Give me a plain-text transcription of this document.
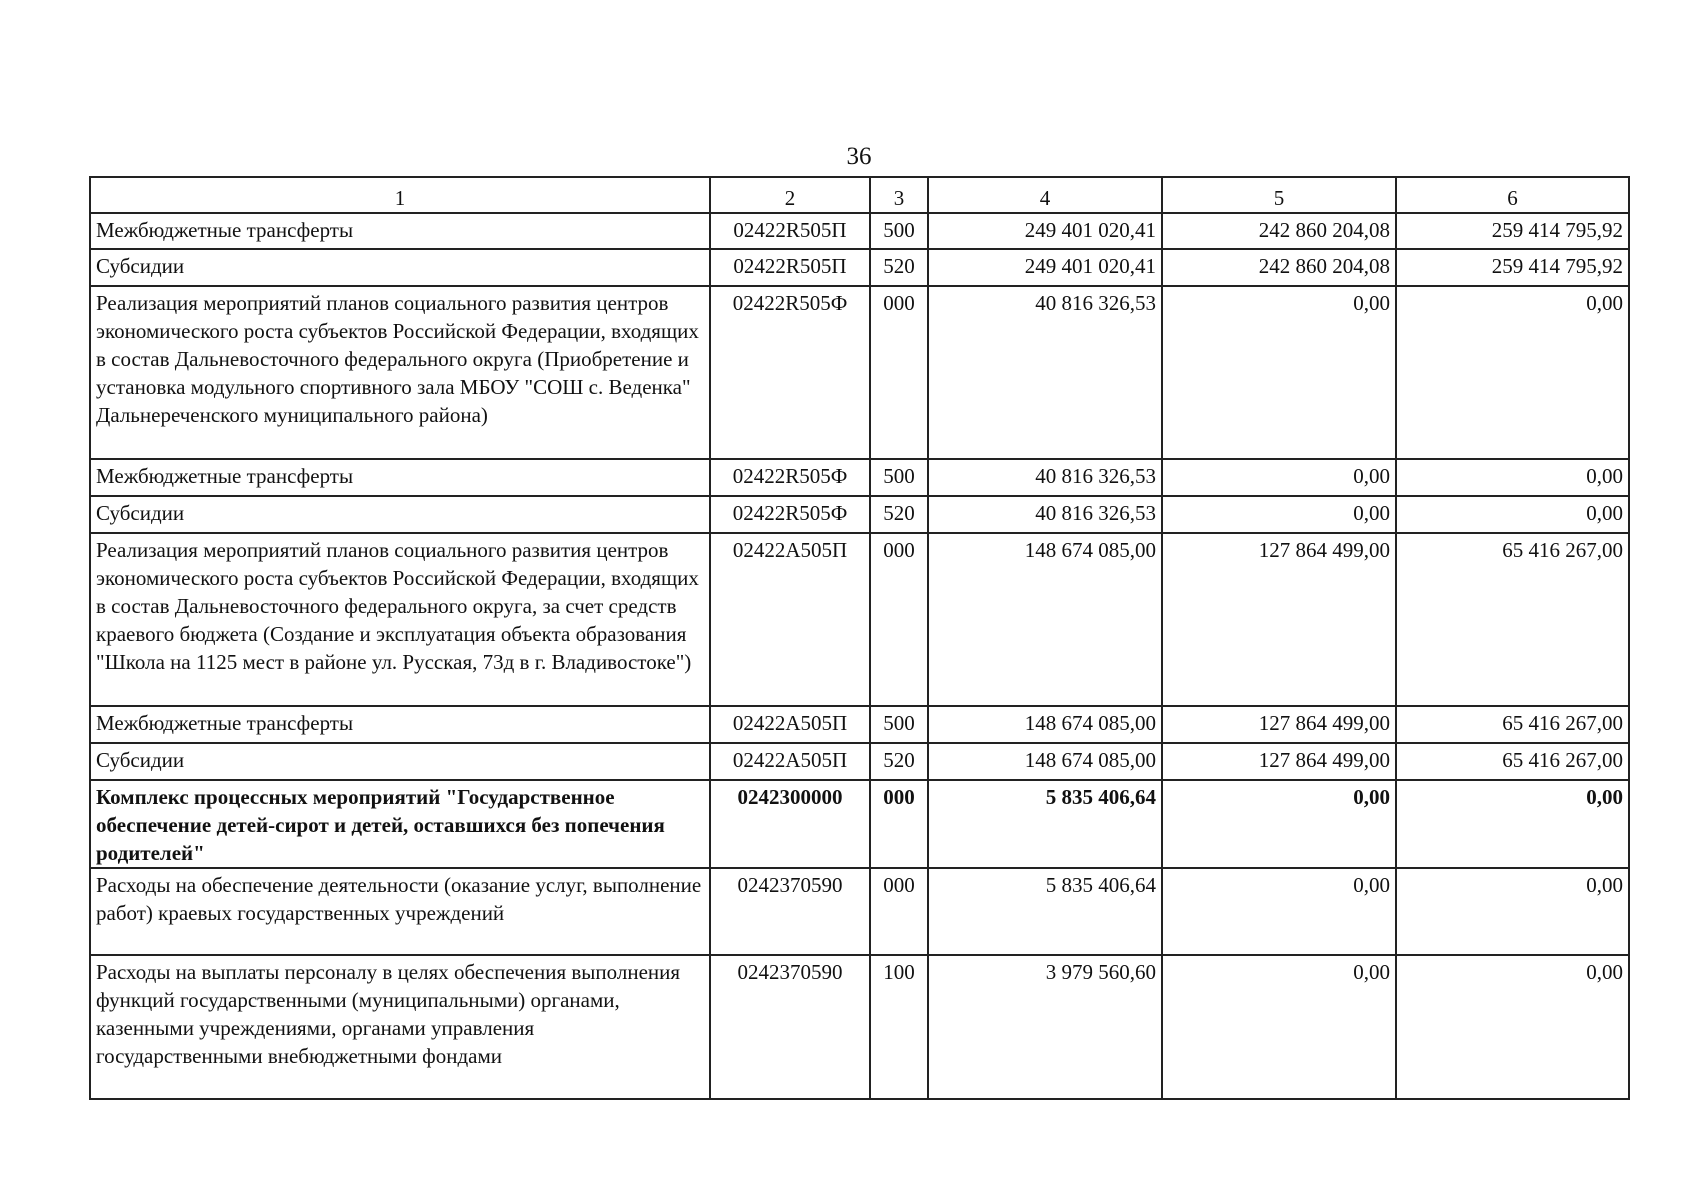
36
1	2	3	4	5	6
Межбюджетные трансферты	02422R505П	500	249 401 020,41	242 860 204,08	259 414 795,92
Субсидии	02422R505П	520	249 401 020,41	242 860 204,08	259 414 795,92
Реализация мероприятий планов социального развития центров экономического роста субъектов Российской Федерации, входящих в состав Дальневосточного федерального округа (Приобретение и установка модульного спортивного зала МБОУ "СОШ с. Веденка" Дальнереченского муниципального района)	02422R505Ф	000	40 816 326,53	0,00	0,00
Межбюджетные трансферты	02422R505Ф	500	40 816 326,53	0,00	0,00
Субсидии	02422R505Ф	520	40 816 326,53	0,00	0,00
Реализация мероприятий планов социального развития центров экономического роста субъектов Российской Федерации, входящих в состав Дальневосточного федерального округа, за счет средств краевого бюджета (Создание и эксплуатация объекта образования "Школа на 1125 мест в районе ул. Русская, 73д в г. Владивостоке")	02422А505П	000	148 674 085,00	127 864 499,00	65 416 267,00
Межбюджетные трансферты	02422А505П	500	148 674 085,00	127 864 499,00	65 416 267,00
Субсидии	02422А505П	520	148 674 085,00	127 864 499,00	65 416 267,00
Комплекс процессных мероприятий "Государственное обеспечение детей-сирот и детей, оставшихся без попечения родителей"	0242300000	000	5 835 406,64	0,00	0,00
Расходы на обеспечение деятельности (оказание услуг, выполнение работ) краевых государственных учреждений	0242370590	000	5 835 406,64	0,00	0,00
Расходы на выплаты персоналу в целях обеспечения выполнения функций государственными (муниципальными) органами, казенными учреждениями, органами управления государственными внебюджетными фондами	0242370590	100	3 979 560,60	0,00	0,00
